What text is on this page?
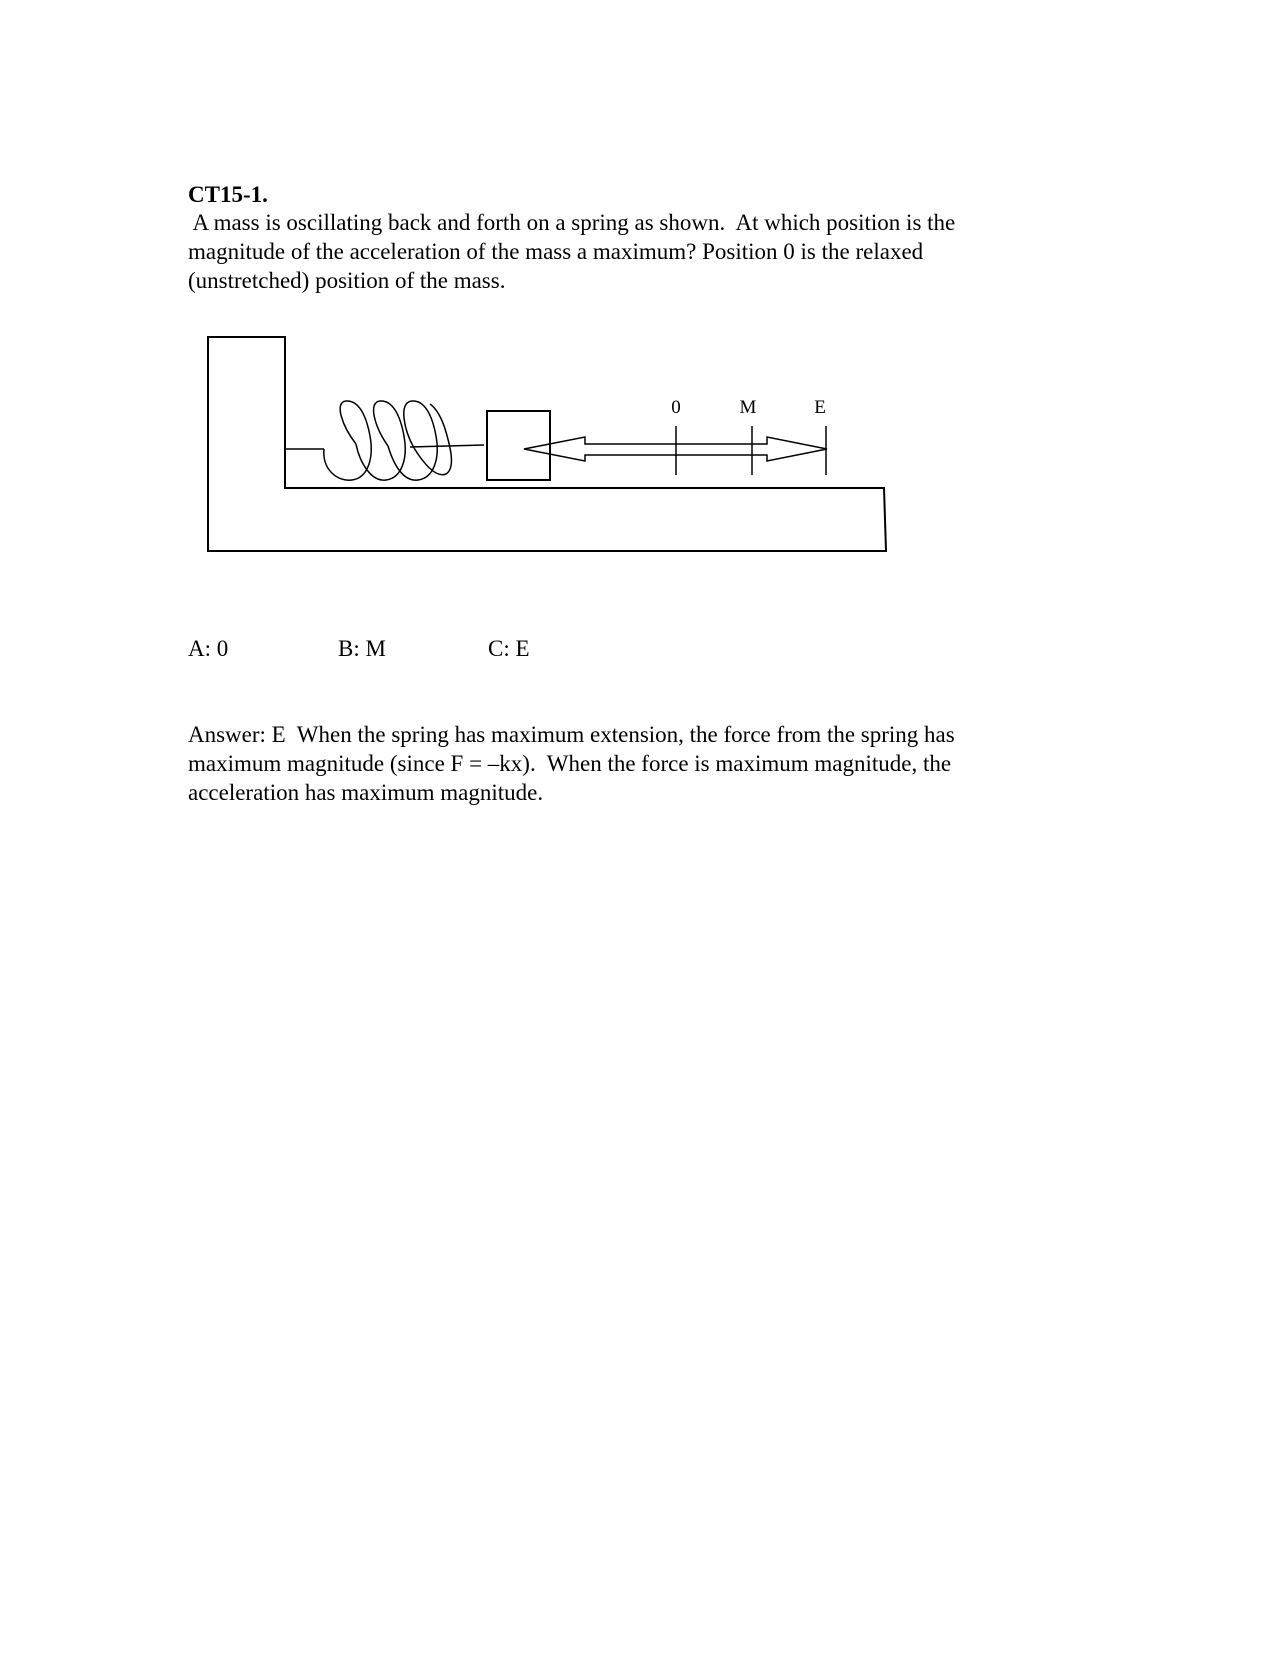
CT15-1.
A mass is oscillating back and forth on a spring as shown.  At which position is the
magnitude of the acceleration of the mass a maximum? Position 0 is the relaxed
(unstretched) position of the mass.
0	M	E
A: 0	B: M	C: E
Answer: E  When the spring has maximum extension, the force from the spring has
maximum magnitude (since F = –kx).  When the force is maximum magnitude, the
acceleration has maximum magnitude.
